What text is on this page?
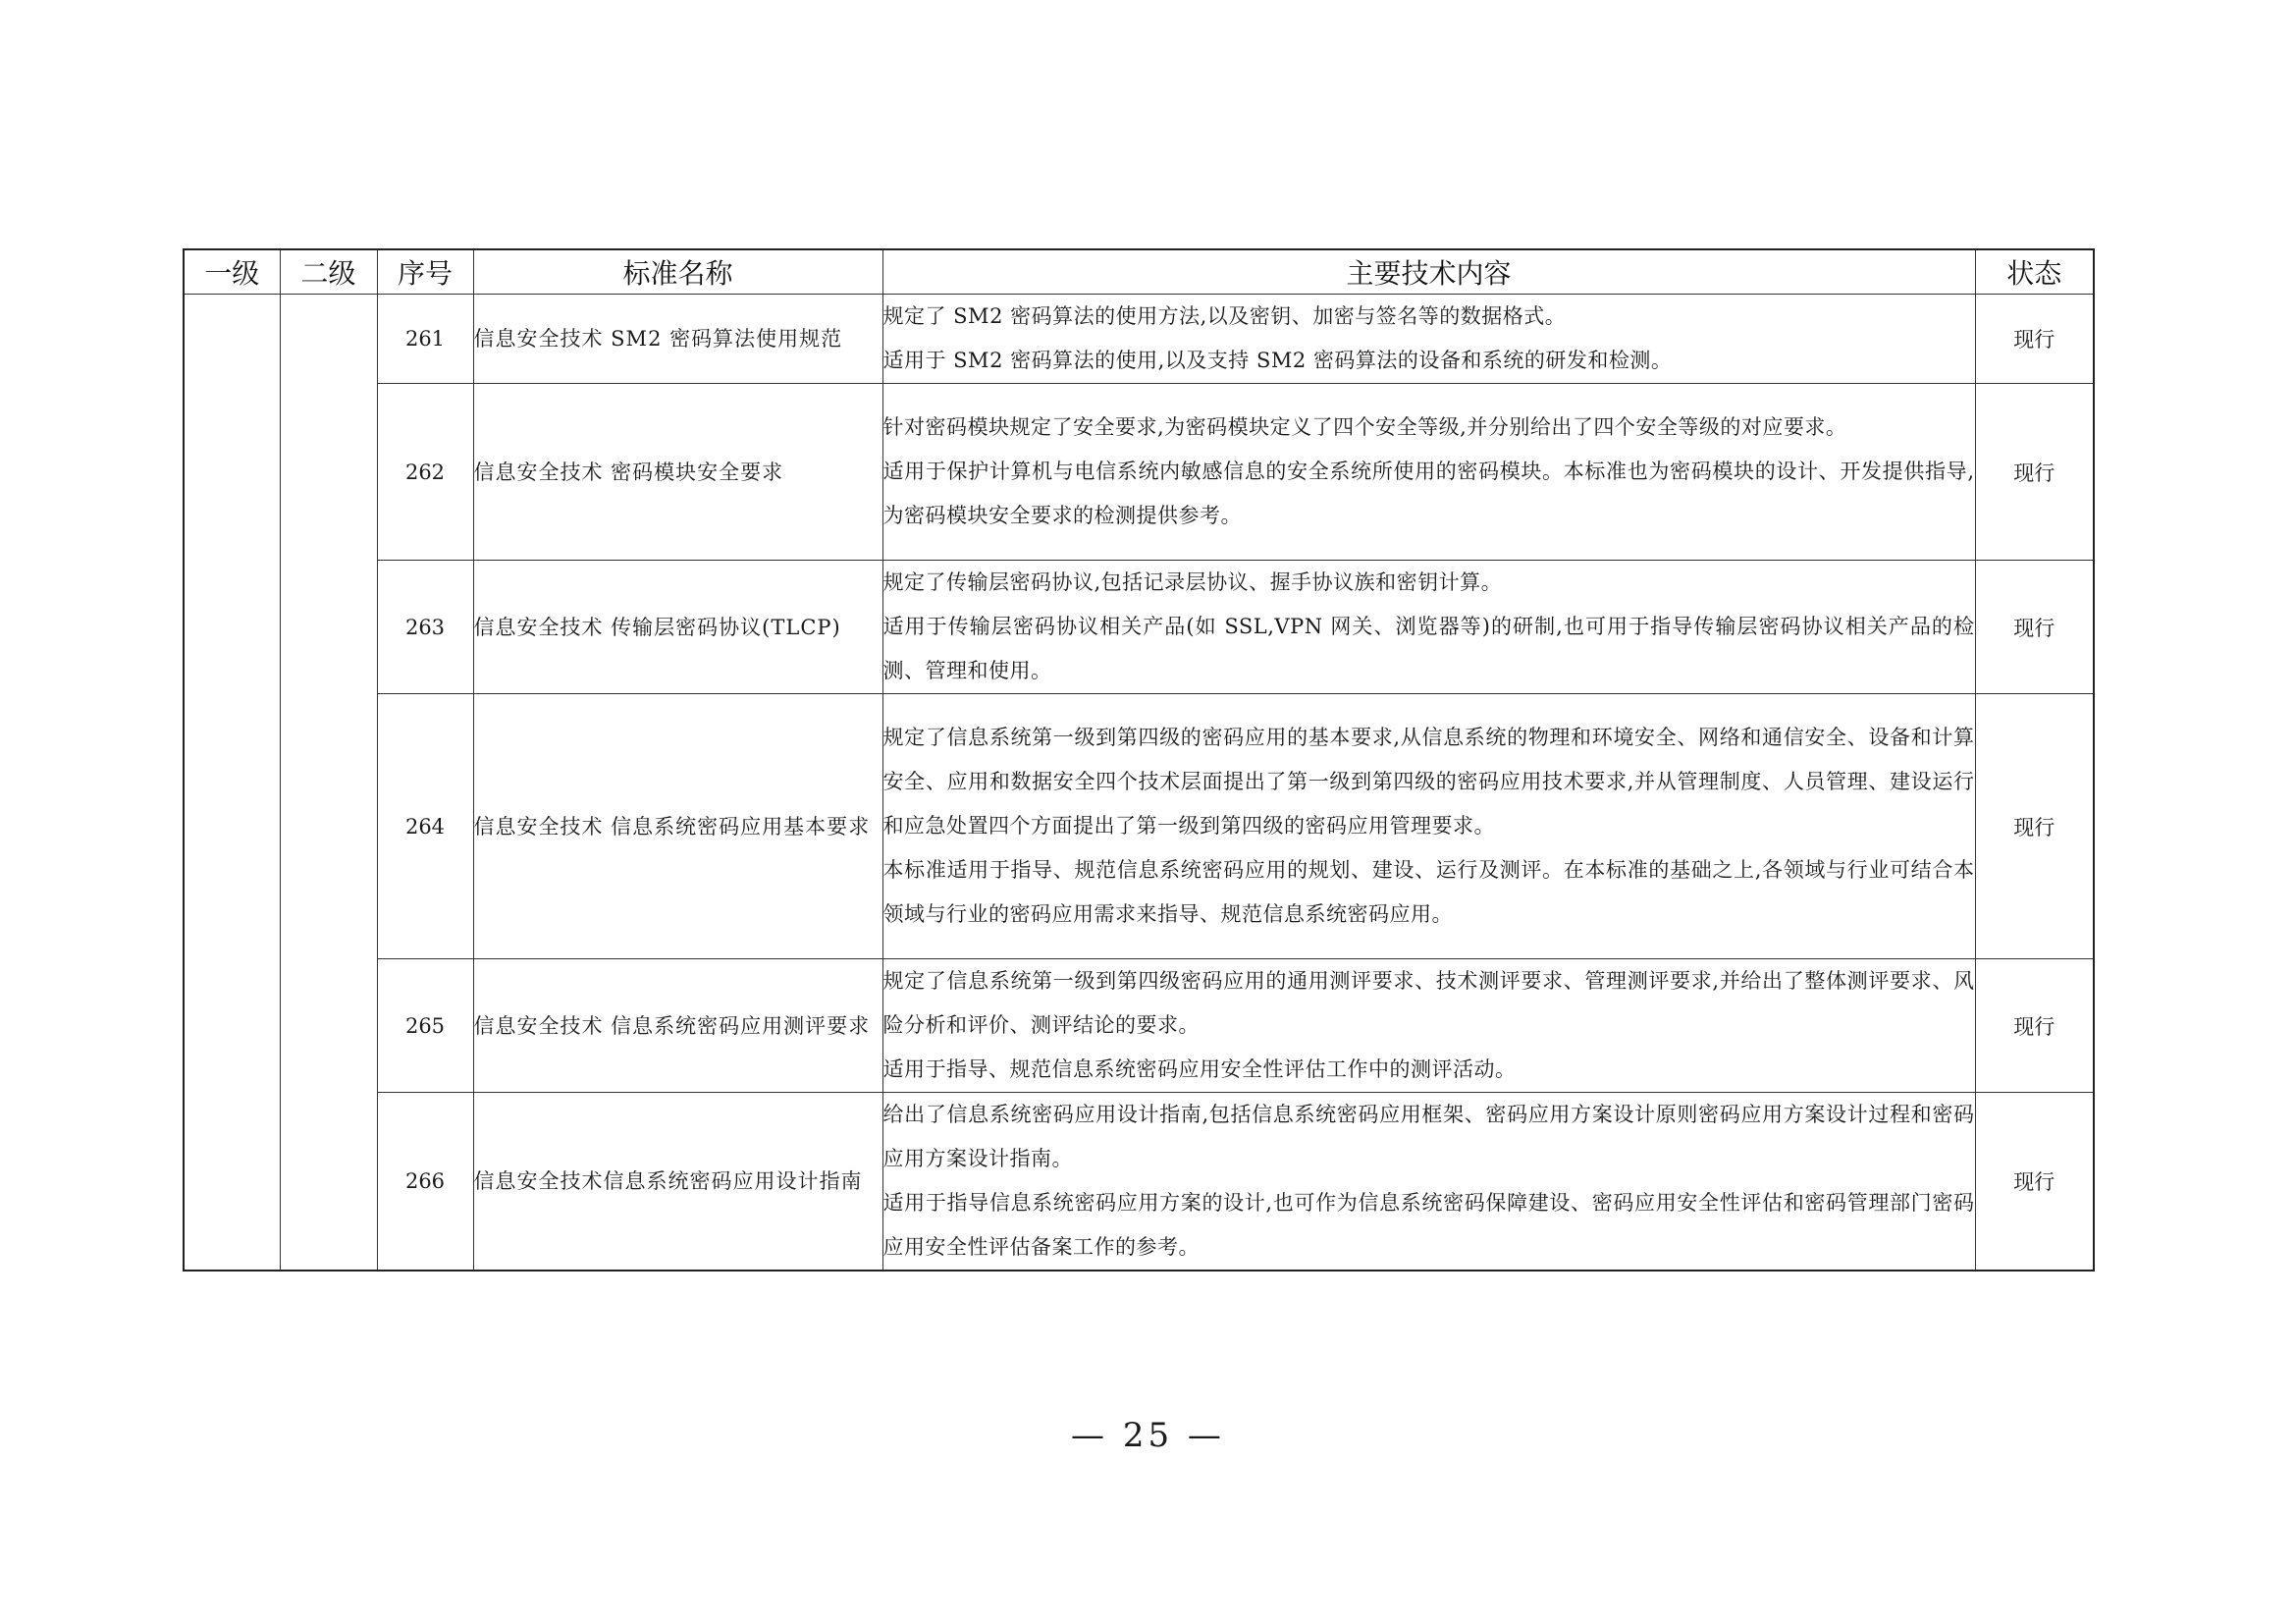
一级	二级	序号	标准名称	主要技术内容	状态
		261	信息安全技术 SM2 密码算法使用规范	规定了 SM2 密码算法的使用方法,以及密钥、加密与签名等的数据格式。

适用于 SM2 密码算法的使用,以及支持 SM2 密码算法的设备和系统的研发和检测。	现行
		262	信息安全技术 密码模块安全要求	针对密码模块规定了安全要求,为密码模块定义了四个安全等级,并分别给出了四个安全等级的对应要求。

适用于保护计算机与电信系统内敏感信息的安全系统所使用的密码模块。本标准也为密码模块的设计、开发提供指导,为密码模块安全要求的检测提供参考。	现行
		263	信息安全技术 传输层密码协议(TLCP)	规定了传输层密码协议,包括记录层协议、握手协议族和密钥计算。

适用于传输层密码协议相关产品(如 SSL,VPN 网关、浏览器等)的研制,也可用于指导传输层密码协议相关产品的检测、管理和使用。	现行
		264	信息安全技术 信息系统密码应用基本要求	规定了信息系统第一级到第四级的密码应用的基本要求,从信息系统的物理和环境安全、网络和通信安全、设备和计算安全、应用和数据安全四个技术层面提出了第一级到第四级的密码应用技术要求,并从管理制度、人员管理、建设运行和应急处置四个方面提出了第一级到第四级的密码应用管理要求。

本标准适用于指导、规范信息系统密码应用的规划、建设、运行及测评。在本标准的基础之上,各领域与行业可结合本领域与行业的密码应用需求来指导、规范信息系统密码应用。	现行
		265	信息安全技术 信息系统密码应用测评要求	规定了信息系统第一级到第四级密码应用的通用测评要求、技术测评要求、管理测评要求,并给出了整体测评要求、风险分析和评价、测评结论的要求。

适用于指导、规范信息系统密码应用安全性评估工作中的测评活动。	现行
		266	信息安全技术信息系统密码应用设计指南	给出了信息系统密码应用设计指南,包括信息系统密码应用框架、密码应用方案设计原则密码应用方案设计过程和密码应用方案设计指南。

适用于指导信息系统密码应用方案的设计,也可作为信息系统密码保障建设、密码应用安全性评估和密码管理部门密码应用安全性评估备案工作的参考。	现行
— 25 —
